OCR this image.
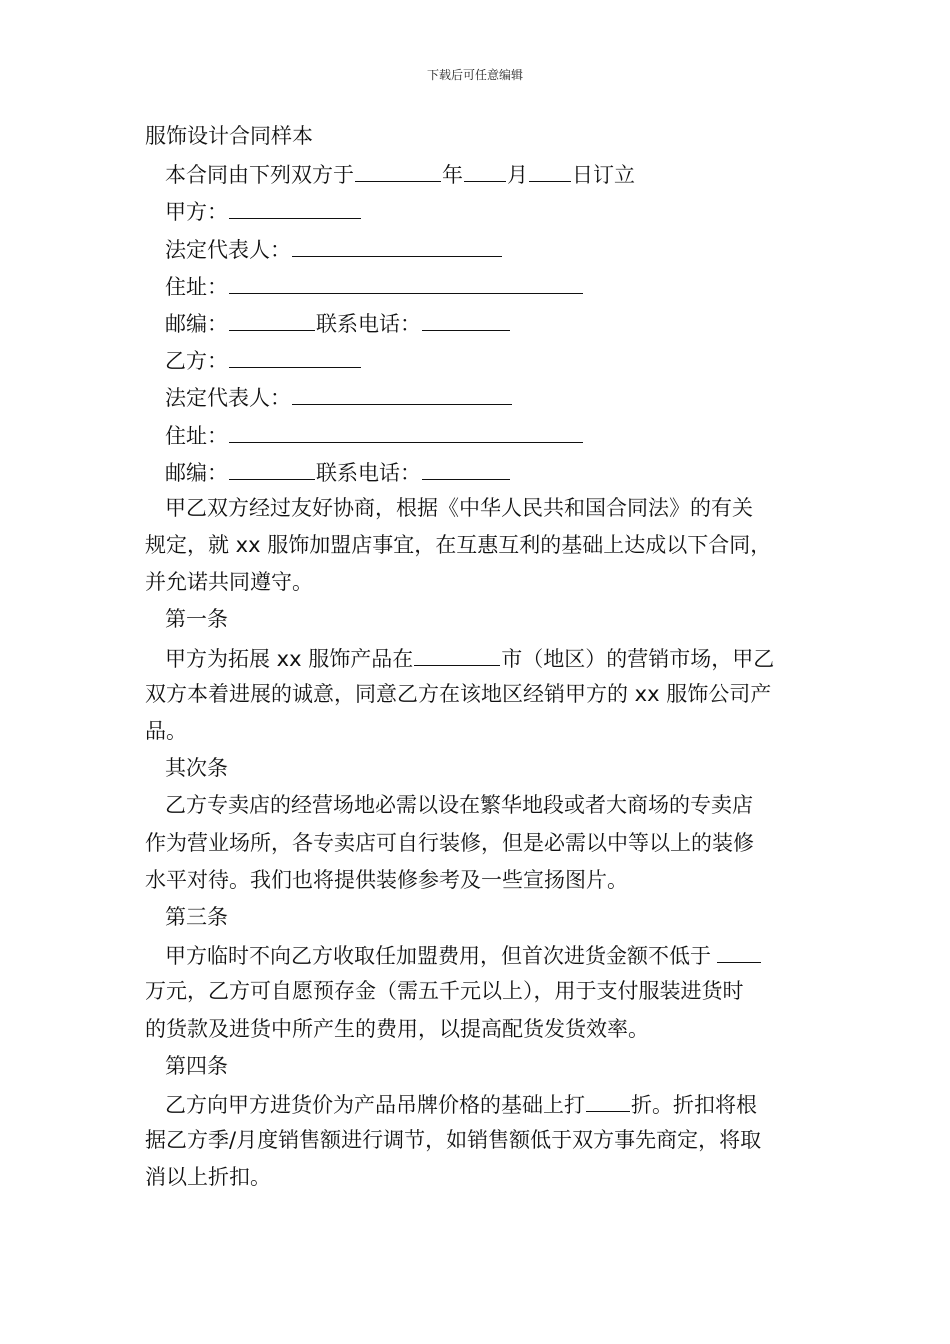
下载后可任意编辑
服饰设计合同样本
本合同由下列双方于	年 月 日订立
甲方：
法定代表人：
住址：
邮编：	联系电话：
乙方：
法定代表人：
住址：
邮编：	联系电话：
甲乙双方经过友好协商，根据《中华人民共和国合同法》的有关
规定，就 xx 服饰加盟店事宜，在互惠互利的基础上达成以下合同，
并允诺共同遵守。
第一条
甲方为拓展 xx 服饰产品在	市（地区）的营销市场，甲乙
双方本着进展的诚意，同意乙方在该地区经销甲方的 xx 服饰公司产
品。
其次条
乙方专卖店的经营场地必需以设在繁华地段或者大商场的专卖店
作为营业场所，各专卖店可自行装修，但是必需以中等以上的装修
水平对待。我们也将提供装修参考及一些宣扬图片。
第三条
甲方临时不向乙方收取任加盟费用，但首次进货金额不低于
万元，乙方可自愿预存金（需五千元以上），用于支付服装进货时
的货款及进货中所产生的费用，以提高配货发货效率。
第四条
乙方向甲方进货价为产品吊牌价格的基础上打 折。折扣将根
据乙方季/月度销售额进行调节，如销售额低于双方事先商定，将取
消以上折扣。
